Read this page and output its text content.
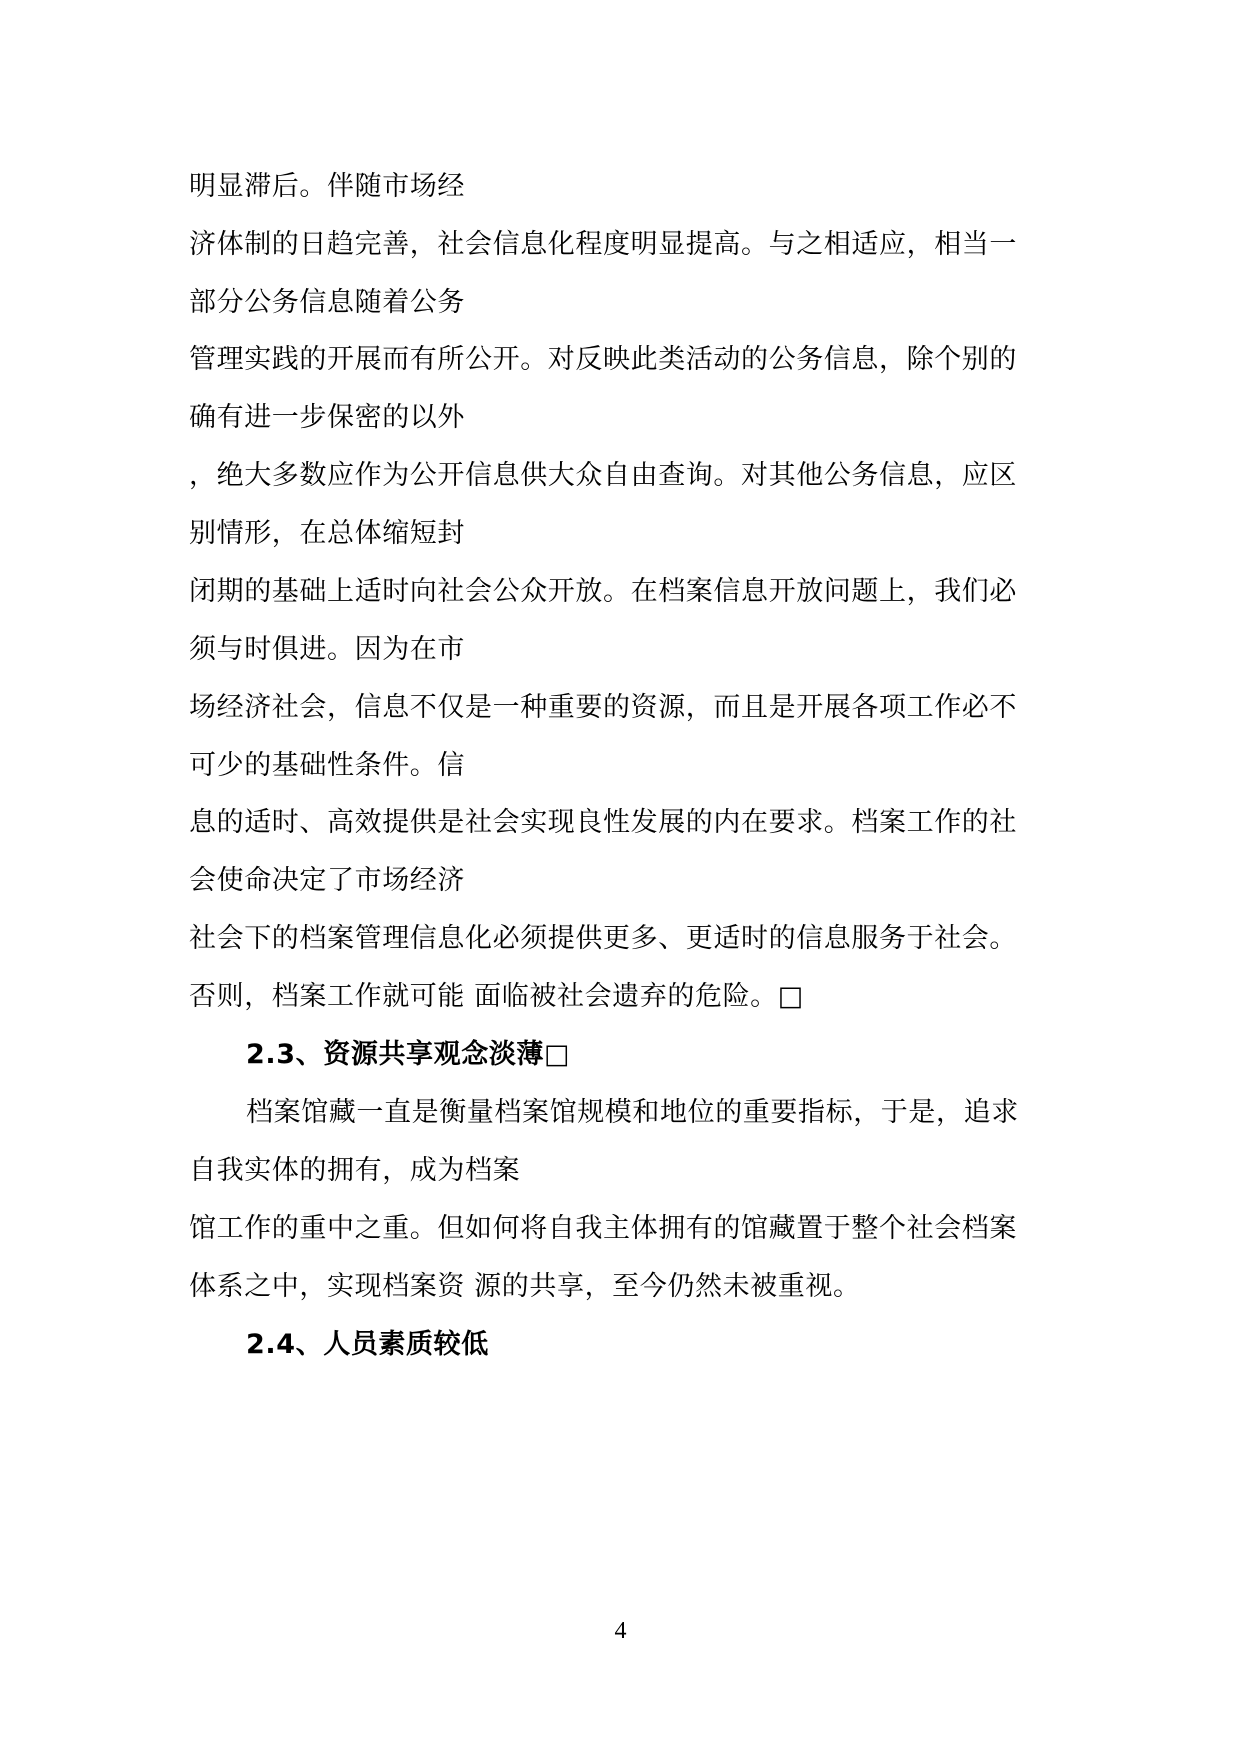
明显滞后。伴随市场经
济体制的日趋完善，社会信息化程度明显提高。与之相适应，相当一
部分公务信息随着公务
管理实践的开展而有所公开。对反映此类活动的公务信息，除个别的
确有进一步保密的以外
，绝大多数应作为公开信息供大众自由查询。对其他公务信息，应区
别情形，在总体缩短封
闭期的基础上适时向社会公众开放。在档案信息开放问题上，我们必
须与时俱进。因为在市
场经济社会，信息不仅是一种重要的资源，而且是开展各项工作必不
可少的基础性条件。信
息的适时、高效提供是社会实现良性发展的内在要求。档案工作的社
会使命决定了市场经济
社会下的档案管理信息化必须提供更多、更适时的信息服务于社会。
否则，档案工作就可能 面临被社会遗弃的危险。□
2.3、资源共享观念淡薄□
档案馆藏一直是衡量档案馆规模和地位的重要指标，于是，追求
自我实体的拥有，成为档案
馆工作的重中之重。但如何将自我主体拥有的馆藏置于整个社会档案
体系之中，实现档案资 源的共享，至今仍然未被重视。
2.4、人员素质较低
4
